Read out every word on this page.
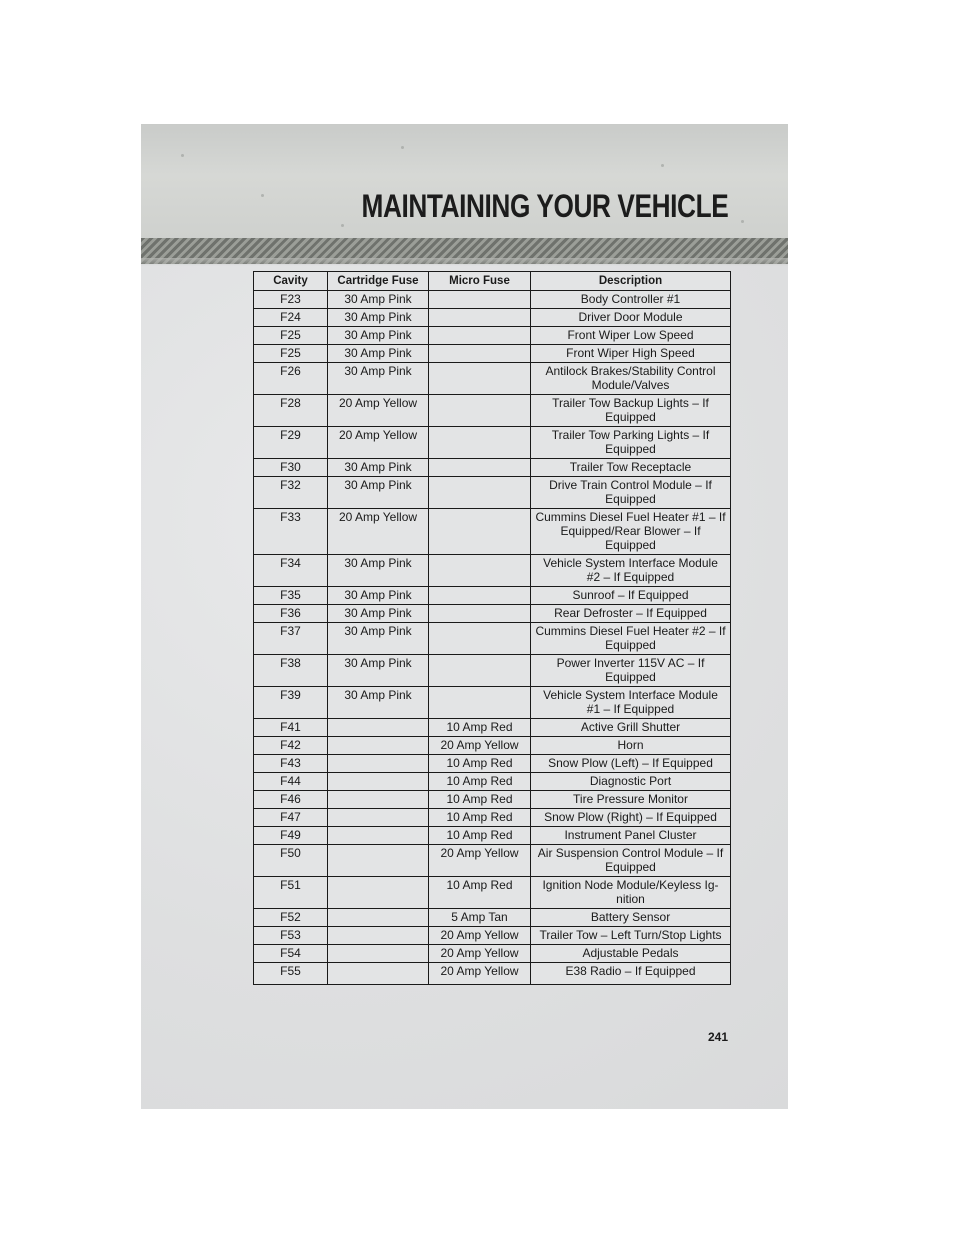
MAINTAINING YOUR VEHICLE
Cavity	Cartridge Fuse	Micro Fuse	Description
F23	30 Amp Pink		Body Controller #1
F24	30 Amp Pink		Driver Door Module
F25	30 Amp Pink		Front Wiper Low Speed
F25	30 Amp Pink		Front Wiper High Speed
F26	30 Amp Pink		Antilock Brakes/Stability Control Module/Valves
F28	20 Amp Yellow		Trailer Tow Backup Lights – If Equipped
F29	20 Amp Yellow		Trailer Tow Parking Lights – If Equipped
F30	30 Amp Pink		Trailer Tow Receptacle
F32	30 Amp Pink		Drive Train Control Module – If Equipped
F33	20 Amp Yellow		Cummins Diesel Fuel Heater #1 – If Equipped/Rear Blower – If Equipped
F34	30 Amp Pink		Vehicle System Interface Module #2 – If Equipped
F35	30 Amp Pink		Sunroof – If Equipped
F36	30 Amp Pink		Rear Defroster – If Equipped
F37	30 Amp Pink		Cummins Diesel Fuel Heater #2 – If Equipped
F38	30 Amp Pink		Power Inverter 115V AC – If Equipped
F39	30 Amp Pink		Vehicle System Interface Module #1 – If Equipped
F41		10 Amp Red	Active Grill Shutter
F42		20 Amp Yellow	Horn
F43		10 Amp Red	Snow Plow (Left) – If Equipped
F44		10 Amp Red	Diagnostic Port
F46		10 Amp Red	Tire Pressure Monitor
F47		10 Amp Red	Snow Plow (Right) – If Equipped
F49		10 Amp Red	Instrument Panel Cluster
F50		20 Amp Yellow	Air Suspension Control Module – If Equipped
F51		10 Amp Red	Ignition Node Module/Keyless Ig- nition
F52		5 Amp Tan	Battery Sensor
F53		20 Amp Yellow	Trailer Tow – Left Turn/Stop Lights
F54		20 Amp Yellow	Adjustable Pedals
F55		20 Amp Yellow	E38 Radio – If Equipped
241
